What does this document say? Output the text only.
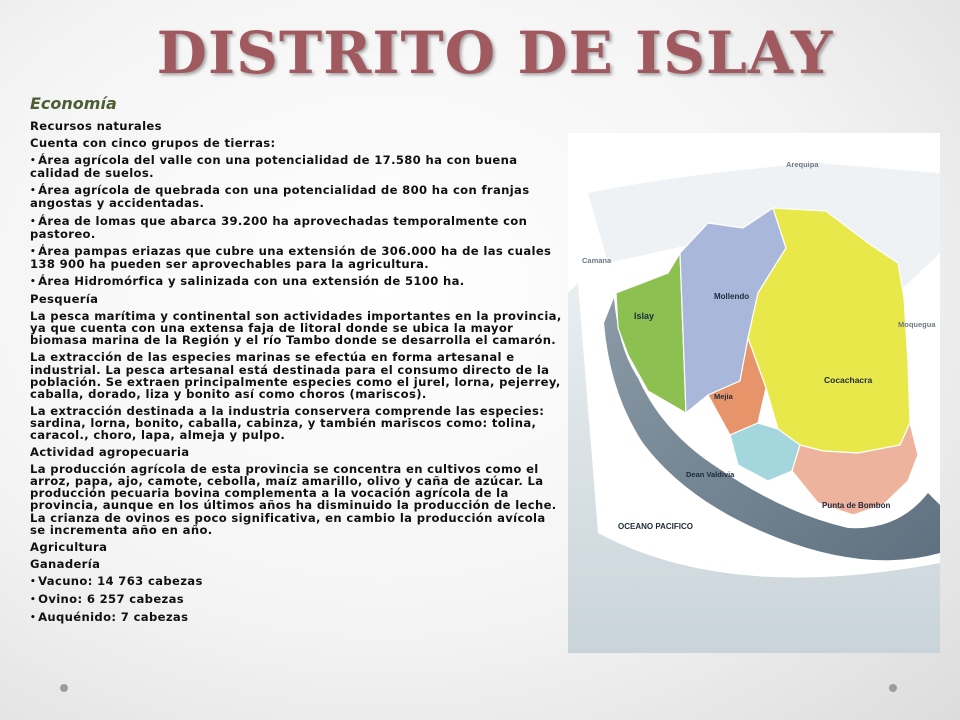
DISTRITO DE ISLAY
Economía

Recursos naturales

Cuenta con cinco grupos de tierras:

• Área agrícola del valle con una potencialidad de 17.580 ha con buena calidad de suelos.

• Área agrícola de quebrada con una potencialidad de 800 ha con franjas angostas y accidentadas.

• Área de lomas que abarca 39.200 ha aprovechadas temporalmente con pastoreo.

• Área pampas eriazas que cubre una extensión de 306.000 ha de las cuales 138 900 ha pueden ser aprovechables para la agricultura.

• Área Hidromórfica y salinizada con una extensión de 5100 ha.

Pesquería

La pesca marítima y continental son actividades importantes en la provincia, ya que cuenta con una extensa faja de litoral donde se ubica la mayor biomasa marina de la Región y el río Tambo donde se desarrolla el camarón.

La extracción de las especies marinas se efectúa en forma artesanal e industrial. La pesca artesanal está destinada para el consumo directo de la población. Se extraen principalmente especies como el jurel, lorna, pejerrey, caballa, dorado, liza y bonito así como choros (mariscos).

La extracción destinada a la industria conservera comprende las especies: sardina, lorna, bonito, caballa, cabinza, y también mariscos como: tolina, caracol., choro, lapa, almeja y pulpo.

Actividad agropecuaria

La producción agrícola de esta provincia se concentra en cultivos como el arroz, papa, ajo, camote, cebolla, maíz amarillo, olivo y caña de azúcar. La producción pecuaria bovina complementa a la vocación agrícola de la provincia, aunque en los últimos años ha disminuido la producción de leche. La crianza de ovinos es poco significativa, en cambio la producción avícola se incrementa año en año.

Agricultura

Ganadería

• Vacuno: 14 763 cabezas

• Ovino: 6 257 cabezas

• Auquénido: 7 cabezas

Arequipa
Camana
Moquegua
Islay
Mollendo
Cocachacra
Mejia
Dean Valdivia
Punta de Bombon
OCEANO PACIFICO
